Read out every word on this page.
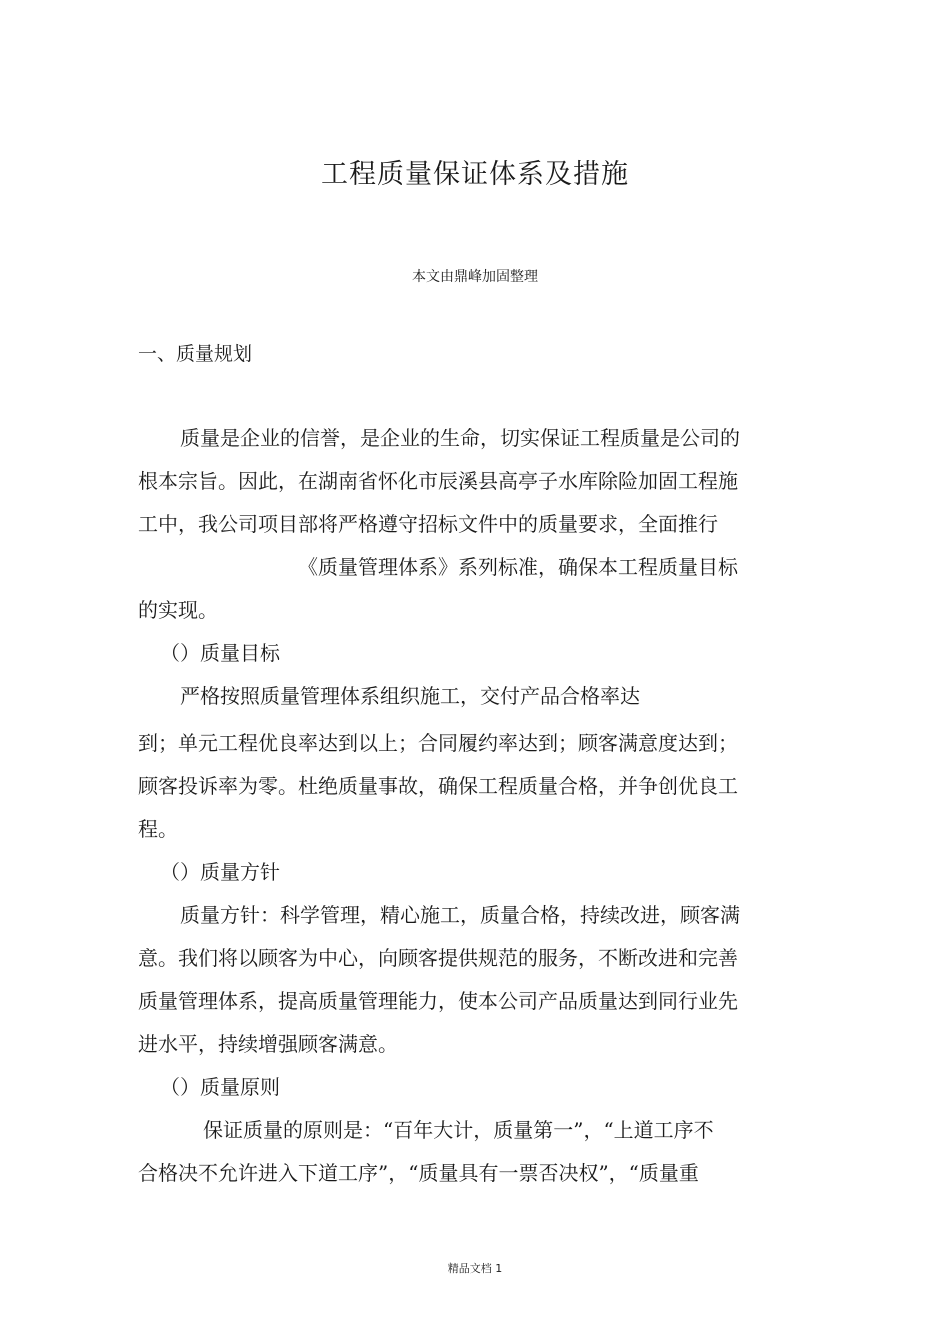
工程质量保证体系及措施
本文由鼎峰加固整理
一、质量规划
质量是企业的信誉，是企业的生命，切实保证工程质量是公司的
根本宗旨。因此，在湖南省怀化市辰溪县高亭子水库除险加固工程施
工中，我公司项目部将严格遵守招标文件中的质量要求，全面推行
《质量管理体系》系列标准，确保本工程质量目标
的实现。
（）质量目标
严格按照质量管理体系组织施工，交付产品合格率达
到；单元工程优良率达到以上；合同履约率达到；顾客满意度达到；
顾客投诉率为零。杜绝质量事故，确保工程质量合格，并争创优良工
程。
（）质量方针
质量方针：科学管理，精心施工，质量合格，持续改进，顾客满
意。我们将以顾客为中心，向顾客提供规范的服务，不断改进和完善
质量管理体系，提高质量管理能力，使本公司产品质量达到同行业先
进水平，持续增强顾客满意。
（）质量原则
保证质量的原则是：“百年大计，质量第一”，“上道工序不
合格决不允许进入下道工序”，“质量具有一票否决权”，“质量重
精品文档 1
